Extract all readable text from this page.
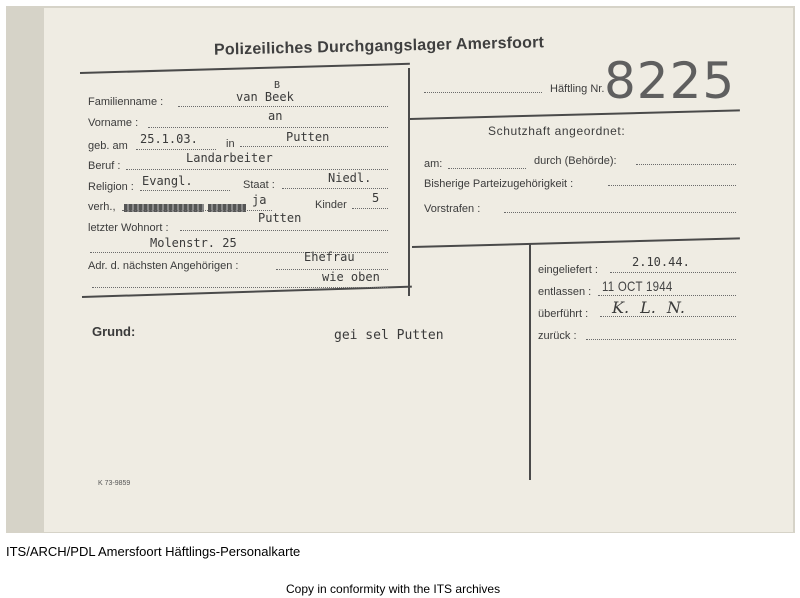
Polizeiliches Durchgangslager Amersfoort
Familienname :	van Beek
B
Vorname :	an
geb. am 25.1.03.	in	Putten
Beruf :
Landarbeiter
Religion : Evangl.	Staat :	Niedl.
verh.,	ja	Kinder 5
letzter Wohnort :
Putten
Molenstr. 25
Adr. d. nächsten Angehörigen :
Ehefrau
wie oben
Häftling Nr. 8225
Schutzhaft angeordnet:
am:	durch (Behörde):
Bisherige Parteizugehörigkeit :
Vorstrafen :
eingeliefert :
2.10.44.
entlassen : 11 OCT 1944
überführt : K. L. N.
zurück :
Grund:	gei sel Putten
K 73-9859
ITS/ARCH/PDL Amersfoort Häftlings-Personalkarte
Copy in conformity with the ITS archives
